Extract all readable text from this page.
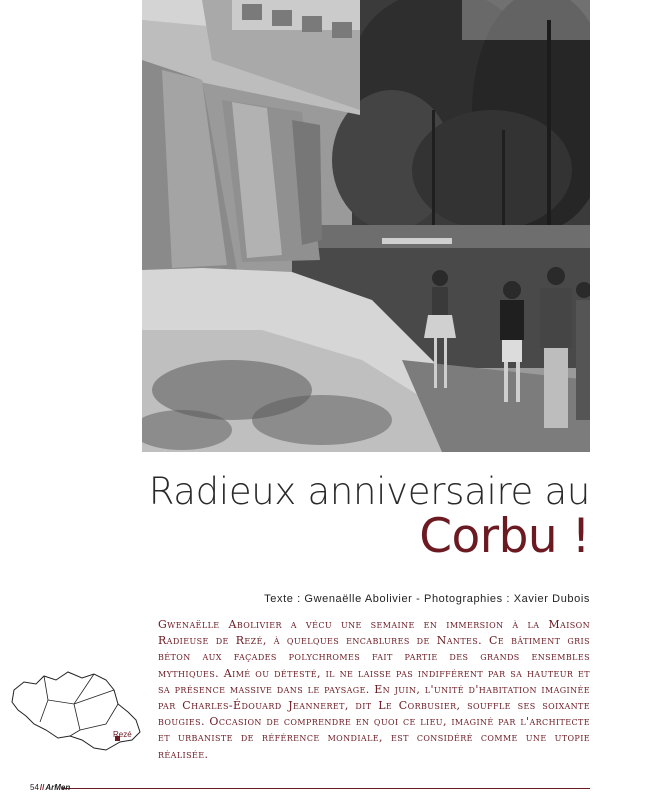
Radieux anniversaire au
Corbu !
Texte : Gwenaëlle Abolivier - Photographies : Xavier Dubois

Gwenaëlle Abolivier a vécu une semaine en immersion à la Maison Radieuse de Rezé, à quelques encablures de Nantes. Ce bâtiment gris béton aux façades polychromes fait partie des grands ensembles mythiques. Aimé ou détesté, il ne laisse pas indifférent par sa hauteur et sa présence massive dans le paysage. En juin, l'unité d'habitation imaginée par Charles-Édouard Jeanneret, dit Le Corbusier, souffle ses soixante bougies. Occasion de comprendre en quoi ce lieu, imaginé par l'architecte et urbaniste de référence mondiale, est considéré comme une utopie réalisée.

Rezé
54//ArMen
